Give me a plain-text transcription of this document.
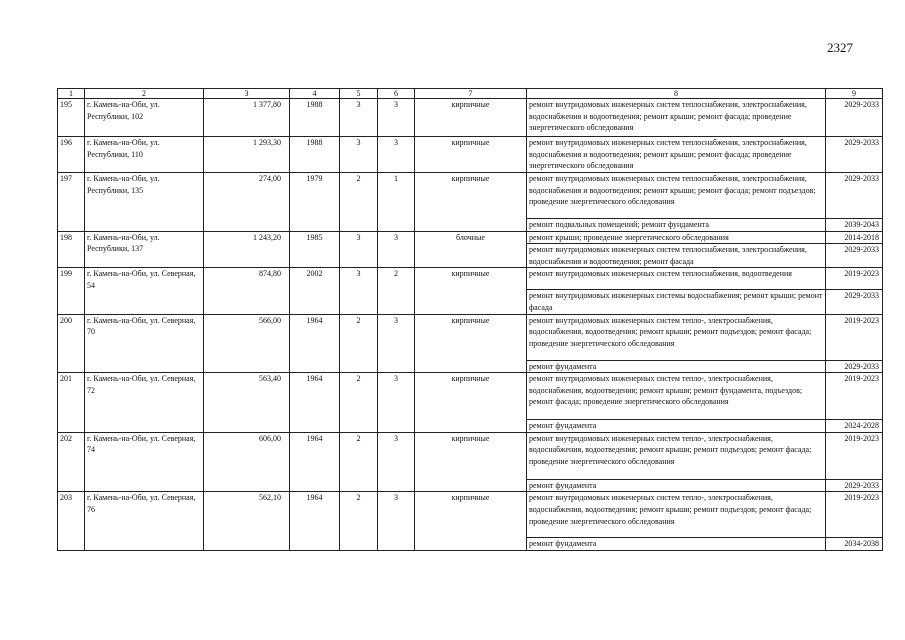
2327
1	2	3	4	5	6	7	8	9
195	г. Камень-на-Оби, ул. Республики, 102	1 377,80	1988	3	3	кирпичные	ремонт внутридомовых инженерных систем теплоснабжения, электроснабжения, водоснабжения и водоотведения; ремонт крыши; ремонт фасада; проведение энергетического обследования	2029-2033
196	г. Камень-на-Оби, ул. Республики, 110	1 293,30	1988	3	3	кирпичные	ремонт внутридомовых инженерных систем теплоснабжения, электроснабжения, водоснабжения и водоотведения; ремонт крыши; ремонт фасада; проведение энергетического обследования	2029-2033
197	г. Камень-на-Оби, ул. Республики, 135	274,00	1979	2	1	кирпичные	ремонт внутридомовых инженерных систем теплоснабжения, электроснабжения, водоснабжения и водоотведения; ремонт крыши; ремонт фасада; ремонт подъездов; проведение энергетического обследования	2029-2033
							ремонт подвальных помещений; ремонт фундамента	2039-2043
198	г. Камень-на-Оби, ул. Республики, 137	1 243,20	1985	3	3	блочные	ремонт крыши; проведение энергетического обследования	2014-2018
							ремонт внутридомовых инженерных систем теплоснабжения, электроснабжения, водоснабжения и водоотведения; ремонт фасада	2029-2033
199	г. Камень-на-Оби, ул. Северная, 54	874,80	2002	3	2	кирпичные	ремонт внутридомовых инженерных систем теплоснабжения, водоотведения	2019-2023
							ремонт внутридомовых инженерных системы водоснабжения; ремонт крыши; ремонт фасада	2029-2033
200	г. Камень-на-Оби, ул. Северная, 70	566,00	1964	2	3	кирпичные	ремонт внутридомовых инженерных систем тепло-, электроснабжения, водоснабжения, водоотведения; ремонт крыши; ремонт подъездов; ремонт фасада; проведение энергетического обследования	2019-2023
							ремонт фундамента	2029-2033
201	г. Камень-на-Оби, ул. Северная, 72	563,40	1964	2	3	кирпичные	ремонт внутридомовых инженерных систем тепло-, электроснабжения, водоснабжения, водоотведения; ремонт крыши; ремонт фундамента, подъездов; ремонт фасада; проведение энергетического обследования	2019-2023
							ремонт фундамента	2024-2028
202	г. Камень-на-Оби, ул. Северная, 74	606,00	1964	2	3	кирпичные	ремонт внутридомовых инженерных систем тепло-, электроснабжения, водоснабжения, водоотведения; ремонт крыши; ремонт подъездов; ремонт фасада; проведение энергетического обследования	2019-2023
							ремонт фундамента	2029-2033
203	г. Камень-на-Оби, ул. Северная, 76	562,10	1964	2	3	кирпичные	ремонт внутридомовых инженерных систем тепло-, электроснабжения, водоснабжения, водоотведения; ремонт крыши; ремонт подъездов; ремонт фасада; проведение энергетического обследования	2019-2023
							ремонт фундамента	2034-2038
